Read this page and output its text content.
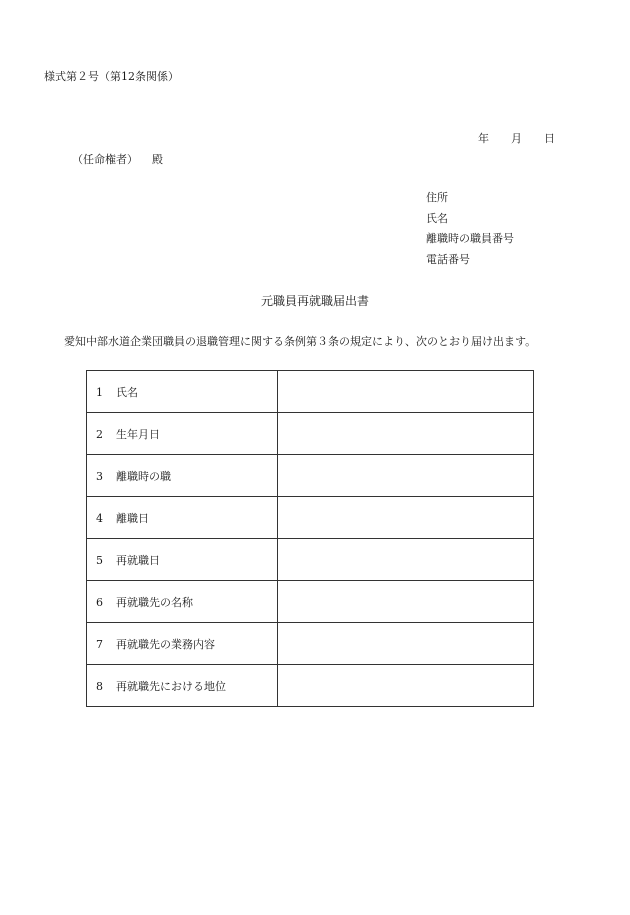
様式第２号（第12条関係）
年 月 日
（任命権者） 殿
住所
氏名
離職時の職員番号
電話番号
元職員再就職届出書
愛知中部水道企業団職員の退職管理に関する条例第３条の規定により、次のとおり届け出ます。
1 氏名	
2 生年月日	
3 離職時の職	
4 離職日	
5 再就職日	
6 再就職先の名称	
7 再就職先の業務内容	
8 再就職先における地位	
